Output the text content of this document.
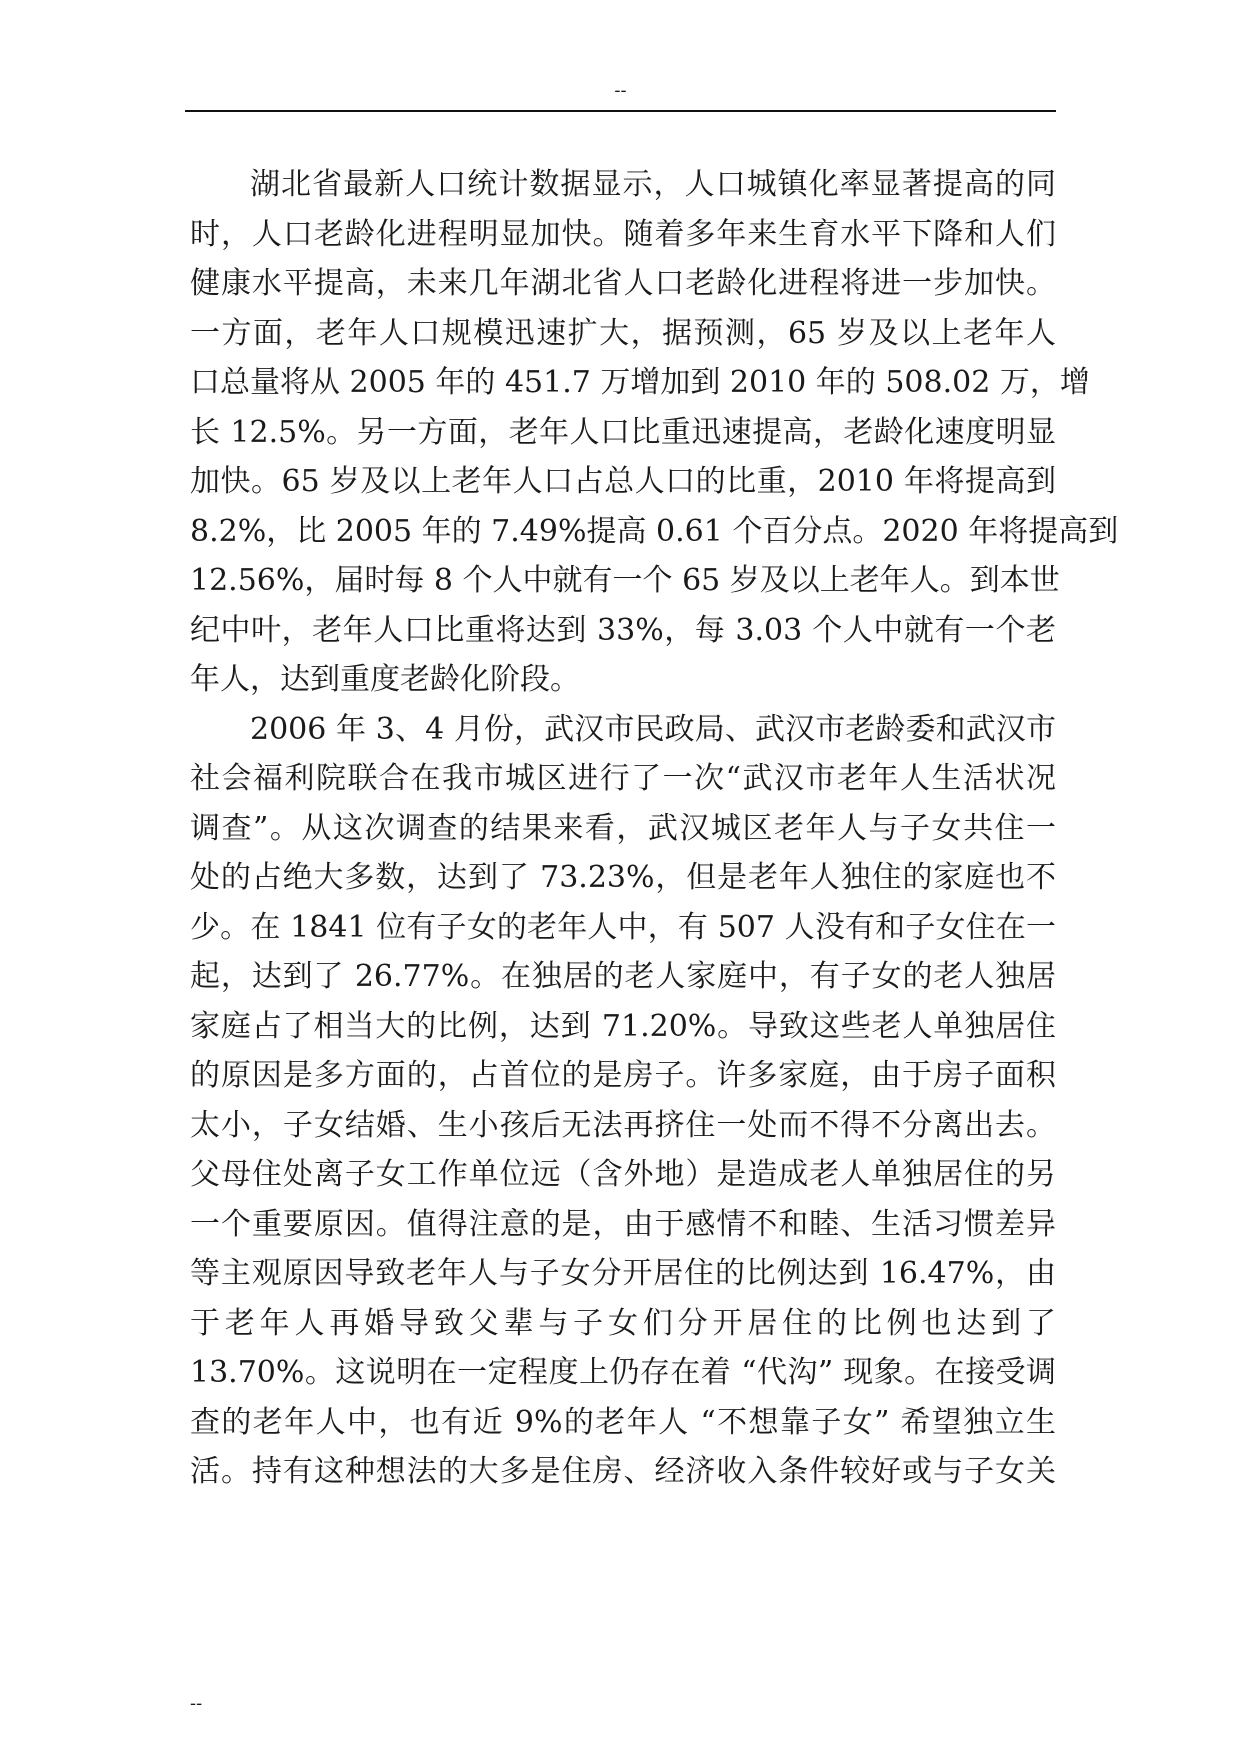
--
湖北省最新人口统计数据显示，人口城镇化率显著提高的同
时，人口老龄化进程明显加快。随着多年来生育水平下降和人们
健康水平提高，未来几年湖北省人口老龄化进程将进一步加快。
一方面，老年人口规模迅速扩大，据预测，65 岁及以上老年人
口总量将从 2005 年的 451.7 万增加到 2010 年的 508.02 万，增
长 12.5%。另一方面，老年人口比重迅速提高，老龄化速度明显
加快。65 岁及以上老年人口占总人口的比重，2010 年将提高到
8.2%，比 2005 年的 7.49%提高 0.61 个百分点。2020 年将提高到
12.56%，届时每 8 个人中就有一个 65 岁及以上老年人。到本世
纪中叶，老年人口比重将达到 33%，每 3.03 个人中就有一个老
年人，达到重度老龄化阶段。
2006 年 3、4 月份，武汉市民政局、武汉市老龄委和武汉市
社会福利院联合在我市城区进行了一次“武汉市老年人生活状况
调查”。从这次调查的结果来看，武汉城区老年人与子女共住一
处的占绝大多数，达到了 73.23%，但是老年人独住的家庭也不
少。在 1841 位有子女的老年人中，有 507 人没有和子女住在一
起，达到了 26.77%。在独居的老人家庭中，有子女的老人独居
家庭占了相当大的比例，达到 71.20%。导致这些老人单独居住
的原因是多方面的，占首位的是房子。许多家庭，由于房子面积
太小，子女结婚、生小孩后无法再挤住一处而不得不分离出去。
父母住处离子女工作单位远（含外地）是造成老人单独居住的另
一个重要原因。值得注意的是，由于感情不和睦、生活习惯差异
等主观原因导致老年人与子女分开居住的比例达到 16.47%，由
于老年人再婚导致父辈与子女们分开居住的比例也达到了
13.70%。这说明在一定程度上仍存在着 “代沟” 现象。在接受调
查的老年人中，也有近 9%的老年人 “不想靠子女” 希望独立生
活。持有这种想法的大多是住房、经济收入条件较好或与子女关
--
